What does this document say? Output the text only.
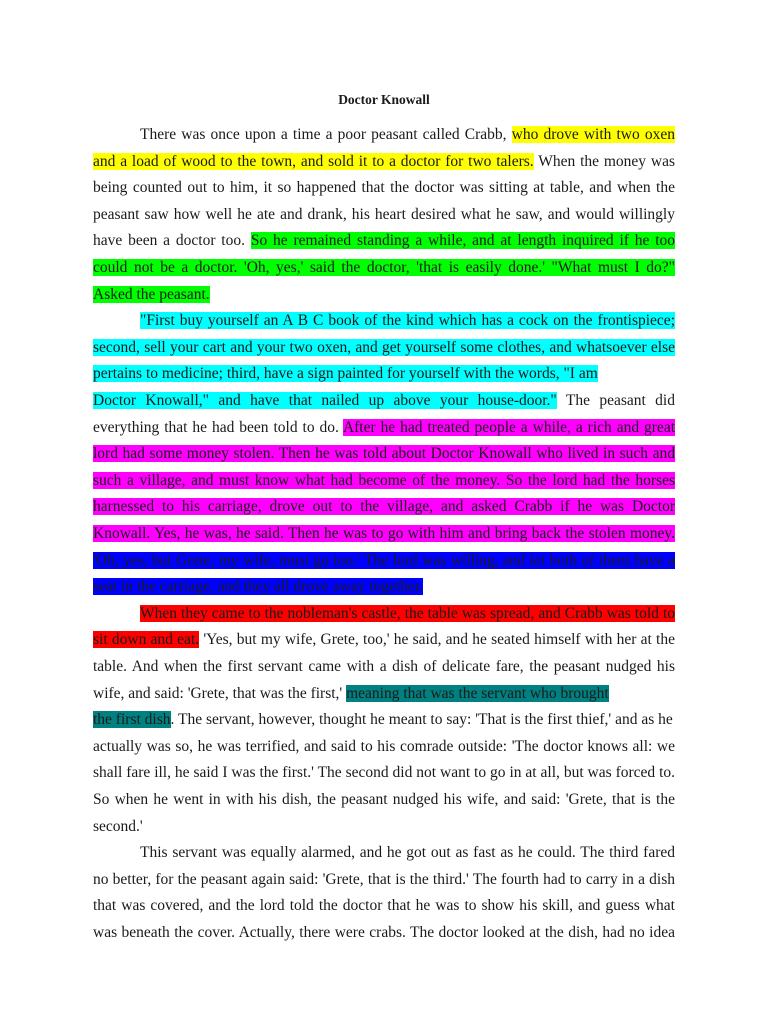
Doctor Knowall
There was once upon a time a poor peasant called Crabb, who drove with two oxen
and a load of wood to the town, and sold it to a doctor for two talers. When the money was
being counted out to him, it so happened that the doctor was sitting at table, and when the
peasant saw how well he ate and drank, his heart desired what he saw, and would willingly
have been a doctor too. So he remained standing a while, and at length inquired if he too
could not be a doctor. 'Oh, yes,' said the doctor, 'that is easily done.' "What must I do?"
Asked the peasant.
"First buy yourself an A B C book of the kind which has a cock on the frontispiece;
second, sell your cart and your two oxen, and get yourself some clothes, and whatsoever else
pertains to medicine; third, have a sign painted for yourself with the words, "I am
Doctor Knowall," and have that nailed up above your house-door." The peasant did
everything that he had been told to do. After he had treated people a while, a rich and great
lord had some money stolen. Then he was told about Doctor Knowall who lived in such and
such a village, and must know what had become of the money. So the lord had the horses
harnessed to his carriage, drove out to the village, and asked Crabb if he was Doctor
Knowall. Yes, he was, he said. Then he was to go with him and bring back the stolen money.
'Oh, yes, but Grete, my wife, must go too.' The lord was willing, and let both of them have a
seat in the carriage, and they all drove away together.
When they came to the nobleman's castle, the table was spread, and Crabb was told to
sit down and eat. 'Yes, but my wife, Grete, too,' he said, and he seated himself with her at the
table. And when the first servant came with a dish of delicate fare, the peasant nudged his
wife, and said: 'Grete, that was the first,' meaning that was the servant who brought
the first dish. The servant, however, thought he meant to say: 'That is the first thief,' and as he
actually was so, he was terrified, and said to his comrade outside: 'The doctor knows all: we
shall fare ill, he said I was the first.' The second did not want to go in at all, but was forced to.
So when he went in with his dish, the peasant nudged his wife, and said: 'Grete, that is the
second.'
This servant was equally alarmed, and he got out as fast as he could. The third fared
no better, for the peasant again said: 'Grete, that is the third.' The fourth had to carry in a dish
that was covered, and the lord told the doctor that he was to show his skill, and guess what
was beneath the cover. Actually, there were crabs. The doctor looked at the dish, had no idea
